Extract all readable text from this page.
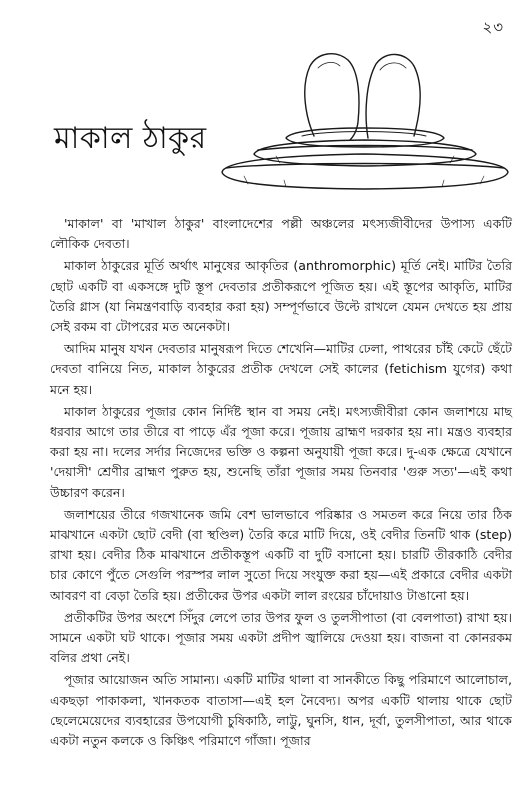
২৩
মাকাল ঠাকুর

'মাকাল' বা 'মাখাল ঠাকুর' বাংলাদেশের পল্লী অঞ্চলের মৎস্যজীবীদের উপাস্য একটি লৌকিক দেবতা।

মাকাল ঠাকুরের মূর্তি অর্থাৎ মানুষের আকৃতির (anthromorphic) মূর্তি নেই। মাটির তৈরি ছোট একটি বা একসঙ্গে দুটি স্তূপ দেবতার প্রতীকরূপে পূজিত হয়। এই স্তূপের আকৃতি, মাটির তৈরি গ্লাস (যা নিমন্ত্রণবাড়ি ব্যবহার করা হয়) সম্পূর্ণভাবে উল্টে রাখলে যেমন দেখতে হয় প্রায় সেই রকম বা টোপরের মত অনেকটা।

আদিম মানুষ যখন দেবতার মানুষরূপ দিতে শেখেনি—মাটির ঢেলা, পাথরের চাঁই কেটে ছেঁটে দেবতা বানিয়ে নিত, মাকাল ঠাকুরের প্রতীক দেখলে সেই কালের (fetichism যুগের) কথা মনে হয়।

মাকাল ঠাকুরের পূজার কোন নির্দিষ্ট স্থান বা সময় নেই। মৎস্যজীবীরা কোন জলাশয়ে মাছ ধরবার আগে তার তীরে বা পাড়ে এঁর পূজা করে। পূজায় ব্রাহ্মণ দরকার হয় না। মন্ত্রও ব্যবহার করা হয় না। দলের সর্দার নিজেদের ভক্তি ও কল্পনা অনুযায়ী পূজা করে। দু-এক ক্ষেত্রে যেখানে 'দেয়াসী' শ্রেণীর ব্রাহ্মণ পুরুত হয়, শুনেছি তাঁরা পূজার সময় তিনবার 'গুরু সত্য'—এই কথা উচ্চারণ করেন।

জলাশয়ের তীরে গজখানেক জমি বেশ ভালভাবে পরিষ্কার ও সমতল করে নিয়ে তার ঠিক মাঝখানে একটা ছোট বেদী (বা স্থণ্ডিল) তৈরি করে মাটি দিয়ে, ওই বেদীর তিনটি থাক (step) রাখা হয়। বেদীর ঠিক মাঝখানে প্রতীকস্তূপ একটি বা দুটি বসানো হয়। চারটি তীরকাঠি বেদীর চার কোণে পুঁতে সেগুলি পরস্পর লাল সুতো দিয়ে সংযুক্ত করা হয়—এই প্রকারে বেদীর একটা আবরণ বা বেড়া তৈরি হয়। প্রতীকের উপর একটা লাল রংয়ের চাঁদোয়াও টাঙানো হয়।

প্রতীকটির উপর অংশে সিঁদুর লেপে তার উপর ফুল ও তুলসীপাতা (বা বেলপাতা) রাখা হয়। সামনে একটা ঘট থাকে। পূজার সময় একটা প্রদীপ জ্বালিয়ে দেওয়া হয়। বাজনা বা কোনরকম বলির প্রথা নেই।

পূজার আয়োজন অতি সামান্য। একটি মাটির থালা বা সানকীতে কিছু পরিমাণে আলোচাল, একছড়া পাকাকলা, খানকতক বাতাসা—এই হল নৈবেদ্য। অপর একটি থালায় থাকে ছোট ছেলেমেয়েদের ব্যবহারের উপযোগী চুষিকাঠি, লাট্টু, ঘুনসি, ধান, দূর্বা, তুলসীপাতা, আর থাকে একটা নতুন কলকে ও কিঞ্চিৎ পরিমাণে গাঁজা। পূজার
